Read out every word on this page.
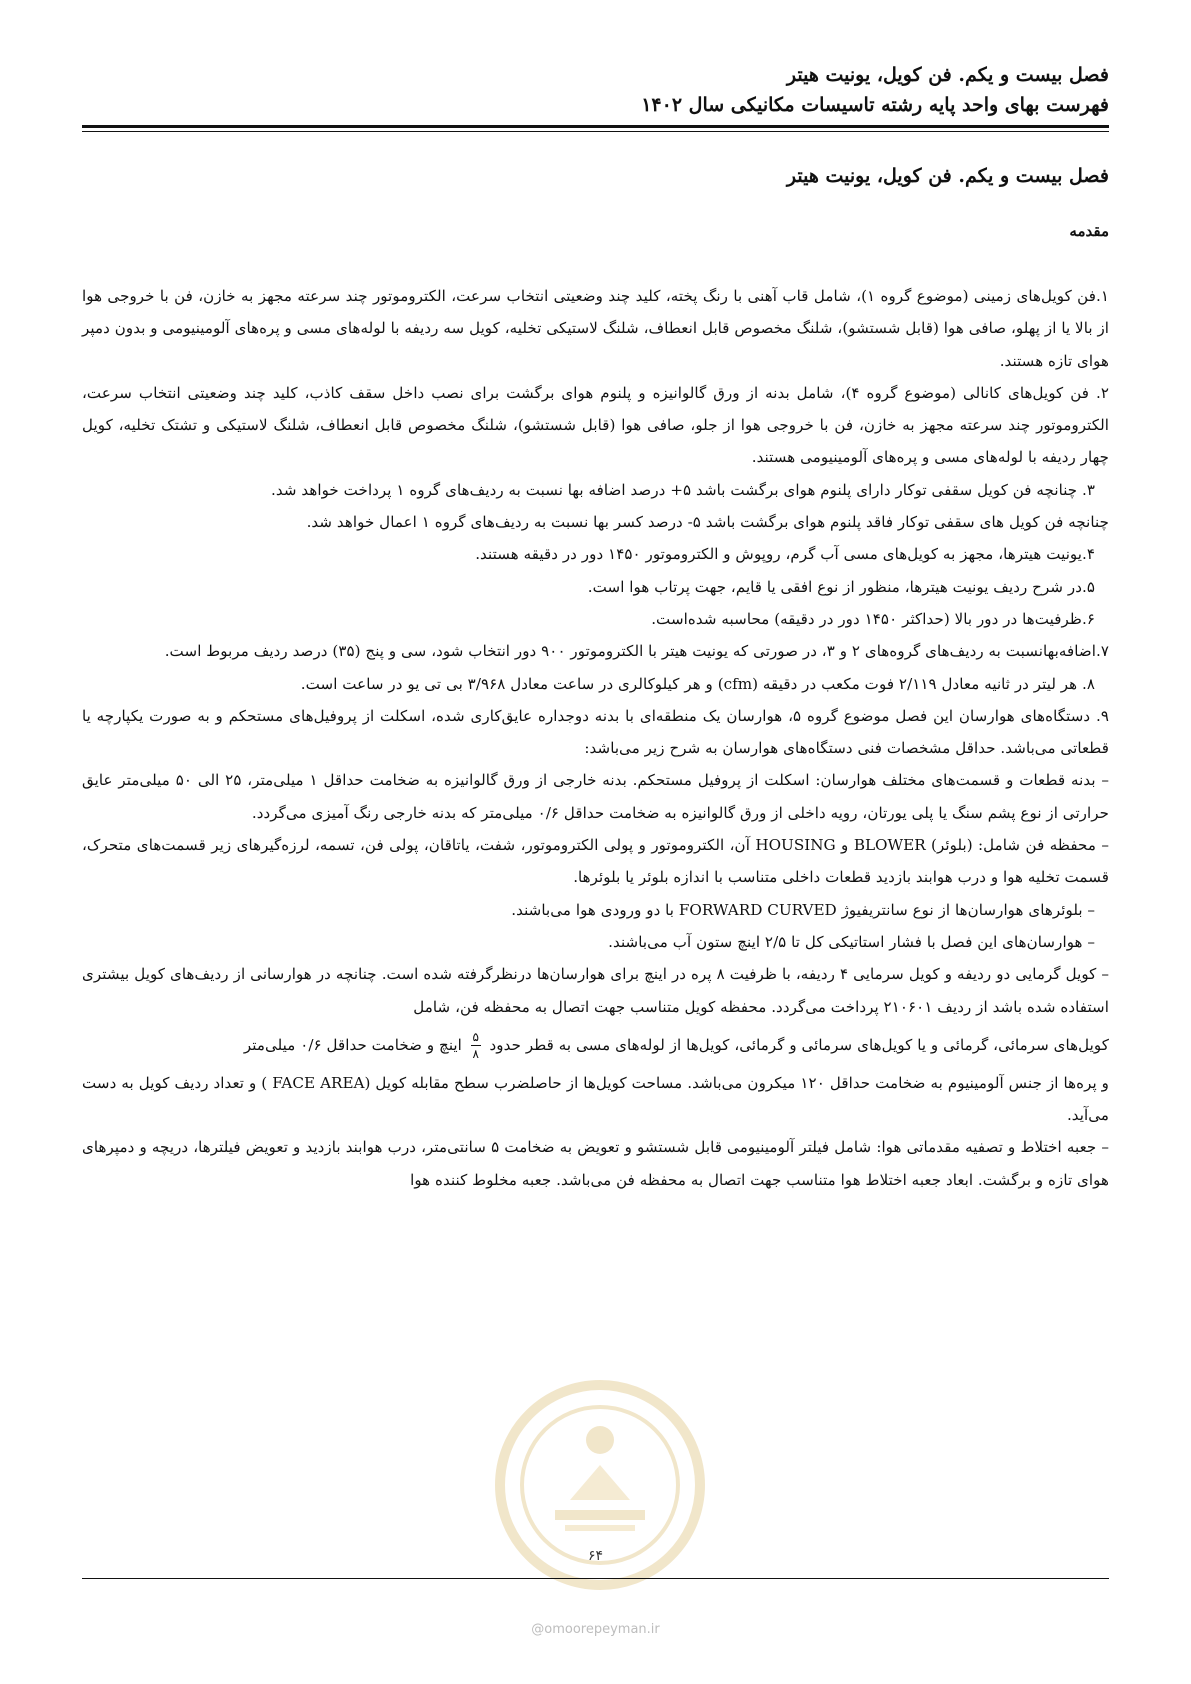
فصل بیست و یکم. فن کویل، یونیت هیتر
فهرست بهای واحد پایه رشته تاسیسات مکانیکی سال ۱۴۰۲
فصل بیست و یکم. فن کویل، یونیت هیتر
مقدمه

۱.فن کویل‌های زمینی (موضوع گروه ۱)، شامل قاب آهنی با رنگ پخته، کلید چند وضعیتی انتخاب سرعت، الکتروموتور چند سرعته مجهز به خازن، فن با خروجی هوا از بالا یا از پهلو، صافی هوا (قابل شستشو)، شلنگ مخصوص قابل انعطاف، شلنگ لاستیکی تخلیه، کویل سه ردیفه با لوله‌های مسی و پره‌های آلومینیومی و بدون دمپر هوای تازه هستند.

۲. فن کویل‌های کانالی (موضوع گروه ۴)، شامل بدنه از ورق گالوانیزه و پلنوم هوای برگشت برای نصب داخل سقف کاذب، کلید چند وضعیتی انتخاب سرعت، الکتروموتور چند سرعته مجهز به خازن، فن با خروجی هوا از جلو، صافی هوا (قابل شستشو)، شلنگ مخصوص قابل انعطاف، شلنگ لاستیکی و تشتک تخلیه، کویل چهار ردیفه با لوله‌های مسی و پره‌های آلومینیومی هستند.

۳. چنانچه فن کویل سقفی توکار دارای پلنوم هوای برگشت باشد ۵+ درصد اضافه بها نسبت به ردیف‌های گروه ۱ پرداخت خواهد شد.

چنانچه فن کویل های سقفی توکار فاقد پلنوم هوای برگشت باشد ۵- درصد کسر بها نسبت به ردیف‌های گروه ۱ اعمال خواهد شد.

۴.یونیت هیترها، مجهز به کویل‌های مسی آب گرم، روپوش و الکتروموتور ۱۴۵۰ دور در دقیقه هستند.

۵.در شرح ردیف یونیت هیترها، منظور از نوع افقی یا قایم، جهت پرتاب هوا است.

۶.ظرفیت‌ها در دور بالا (حداکثر ۱۴۵۰ دور در دقیقه) محاسبه شده‌است.

۷.اضافه‌بهانسبت به ردیف‌های گروه‌های ۲ و ۳، در صورتی که یونیت هیتر با الکتروموتور ۹۰۰ دور انتخاب شود، سی و پنج (۳۵) درصد ردیف مربوط است.

۸. هر لیتر در ثانیه معادل ۲/۱۱۹ فوت مکعب در دقیقه (cfm) و هر کیلوکالری در ساعت معادل ۳/۹۶۸ بی تی یو در ساعت است.

۹. دستگاه‌های هوارسان این فصل موضوع گروه ۵، هوارسان یک منطقه‌ای با بدنه دوجداره عایق‌کاری شده، اسکلت از پروفیل‌های مستحکم و به صورت یکپارچه یا قطعاتی می‌باشد. حداقل مشخصات فنی دستگاه‌های هوارسان به شرح زیر می‌باشد:

– بدنه قطعات و قسمت‌های مختلف هوارسان: اسکلت از پروفیل مستحکم. بدنه خارجی از ورق گالوانیزه به ضخامت حداقل ۱ میلی‌متر، ۲۵ الی ۵۰ میلی‌متر عایق حرارتی از نوع پشم سنگ یا پلی یورتان، رویه داخلی از ورق گالوانیزه به ضخامت حداقل ۰/۶ میلی‌متر که بدنه خارجی رنگ آمیزی می‌گردد.

– محفظه فن شامل: (بلوئر) BLOWER و HOUSING آن، الکتروموتور و پولی الکتروموتور، شفت، یاتاقان، پولی فن، تسمه، لرزه‌گیرهای زیر قسمت‌های متحرک، قسمت تخلیه هوا و درب هوابند بازدید قطعات داخلی متناسب با اندازه بلوئر یا بلوئرها.

– بلوئرهای هوارسان‌ها از نوع سانتریفیوژ FORWARD CURVED با دو ورودی هوا می‌باشند.

– هوارسان‌های این فصل با فشار استاتیکی کل تا ۲/۵ اینچ ستون آب می‌باشند.

– کویل گرمایی دو ردیفه و کویل سرمایی ۴ ردیفه، با ظرفیت ۸ پره در اینچ برای هوارسان‌ها درنظرگرفته شده است. چنانچه در هوارسانی از ردیف‌های کویل بیشتری استفاده شده باشد از ردیف ۲۱۰۶۰۱ پرداخت می‌گردد. محفظه کویل متناسب جهت اتصال به محفظه فن، شامل

کویل‌های سرمائی، گرمائی و یا کویل‌های سرمائی و گرمائی، کویل‌ها از لوله‌های مسی به قطر حدود
$\frac{۵}{۸}$
اینچ و ضخامت حداقل ۰/۶ میلی‌متر

و پره‌ها از جنس آلومینیوم به ضخامت حداقل ۱۲۰ میکرون می‌باشد. مساحت کویل‌ها از حاصلضرب سطح مقابله کویل (FACE AREA ) و تعداد ردیف کویل به دست می‌آید.

– جعبه اختلاط و تصفیه مقدماتی هوا: شامل فیلتر آلومینیومی قابل شستشو و تعویض به ضخامت ۵ سانتی‌متر، درب هوابند بازدید و تعویض فیلترها، دریچه و دمپرهای هوای تازه و برگشت. ابعاد جعبه اختلاط هوا متناسب جهت اتصال به محفظه فن می‌باشد. جعبه مخلوط کننده هوا

۶۴
@omoorepeyman.ir
